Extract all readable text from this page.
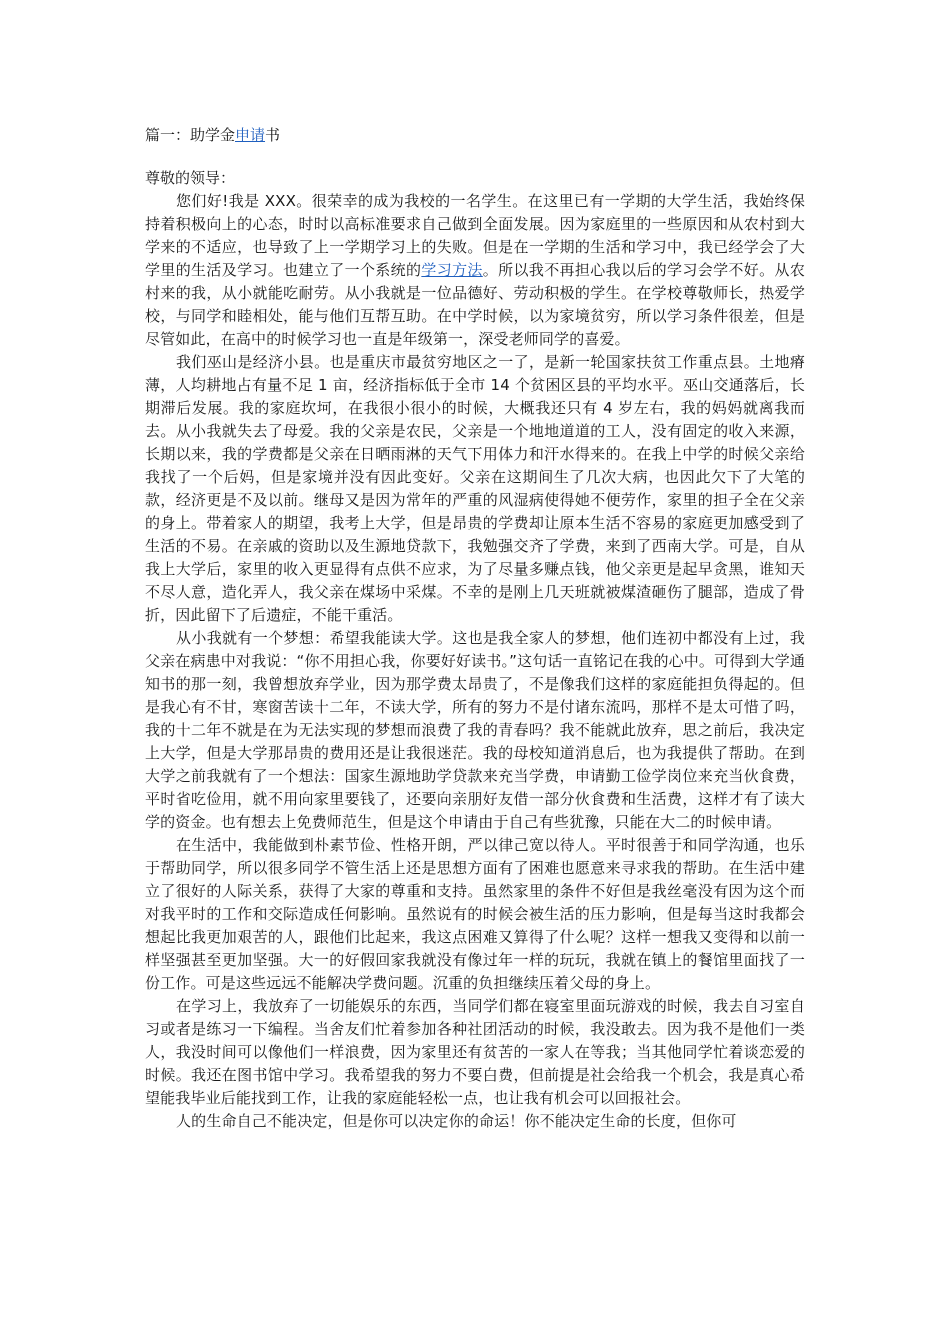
篇一：助学金申请书

尊敬的领导：

您们好!我是 XXX。很荣幸的成为我校的一名学生。在这里已有一学期的大学生活，我始终保持着积极向上的心态，时时以高标准要求自己做到全面发展。因为家庭里的一些原因和从农村到大学来的不适应，也导致了上一学期学习上的失败。但是在一学期的生活和学习中，我已经学会了大学里的生活及学习。也建立了一个系统的学习方法。所以我不再担心我以后的学习会学不好。从农村来的我，从小就能吃耐劳。从小我就是一位品德好、劳动积极的学生。在学校尊敬师长，热爱学校，与同学和睦相处，能与他们互帮互助。在中学时候，以为家境贫穷，所以学习条件很差，但是尽管如此，在高中的时候学习也一直是年级第一，深受老师同学的喜爱。

我们巫山是经济小县。也是重庆市最贫穷地区之一了，是新一轮国家扶贫工作重点县。土地瘠薄，人均耕地占有量不足 1 亩，经济指标低于全市 14 个贫困区县的平均水平。巫山交通落后，长期滞后发展。我的家庭坎坷，在我很小很小的时候，大概我还只有 4 岁左右，我的妈妈就离我而去。从小我就失去了母爱。我的父亲是农民，父亲是一个地地道道的工人，没有固定的收入来源，长期以来，我的学费都是父亲在日晒雨淋的天气下用体力和汗水得来的。在我上中学的时候父亲给我找了一个后妈，但是家境并没有因此变好。父亲在这期间生了几次大病，也因此欠下了大笔的款，经济更是不及以前。继母又是因为常年的严重的风湿病使得她不便劳作，家里的担子全在父亲的身上。带着家人的期望，我考上大学，但是昂贵的学费却让原本生活不容易的家庭更加感受到了生活的不易。在亲戚的资助以及生源地贷款下，我勉强交齐了学费，来到了西南大学。可是，自从我上大学后，家里的收入更显得有点供不应求，为了尽量多赚点钱，他父亲更是起早贪黑，谁知天不尽人意，造化弄人，我父亲在煤场中采煤。不幸的是刚上几天班就被煤渣砸伤了腿部，造成了骨折，因此留下了后遗症，不能干重活。

从小我就有一个梦想：希望我能读大学。这也是我全家人的梦想，他们连初中都没有上过，我父亲在病患中对我说：“你不用担心我，你要好好读书。”这句话一直铭记在我的心中。可得到大学通知书的那一刻，我曾想放弃学业，因为那学费太昂贵了，不是像我们这样的家庭能担负得起的。但是我心有不甘，寒窗苦读十二年，不读大学，所有的努力不是付诸东流吗，那样不是太可惜了吗，我的十二年不就是在为无法实现的梦想而浪费了我的青春吗？我不能就此放弃，思之前后，我决定上大学，但是大学那昂贵的费用还是让我很迷茫。我的母校知道消息后，也为我提供了帮助。在到大学之前我就有了一个想法：国家生源地助学贷款来充当学费，申请勤工俭学岗位来充当伙食费，平时省吃俭用，就不用向家里要钱了，还要向亲朋好友借一部分伙食费和生活费，这样才有了读大学的资金。也有想去上免费师范生，但是这个申请由于自己有些犹豫，只能在大二的时候申请。

在生活中，我能做到朴素节俭、性格开朗，严以律己宽以待人。平时很善于和同学沟通，也乐于帮助同学，所以很多同学不管生活上还是思想方面有了困难也愿意来寻求我的帮助。在生活中建立了很好的人际关系，获得了大家的尊重和支持。虽然家里的条件不好但是我丝毫没有因为这个而对我平时的工作和交际造成任何影响。虽然说有的时候会被生活的压力影响，但是每当这时我都会想起比我更加艰苦的人，跟他们比起来，我这点困难又算得了什么呢？这样一想我又变得和以前一样坚强甚至更加坚强。大一的好假回家我就没有像过年一样的玩玩，我就在镇上的餐馆里面找了一份工作。可是这些远远不能解决学费问题。沉重的负担继续压着父母的身上。

在学习上，我放弃了一切能娱乐的东西，当同学们都在寝室里面玩游戏的时候，我去自习室自习或者是练习一下编程。当舍友们忙着参加各种社团活动的时候，我没敢去。因为我不是他们一类人，我没时间可以像他们一样浪费，因为家里还有贫苦的一家人在等我；当其他同学忙着谈恋爱的时候。我还在图书馆中学习。我希望我的努力不要白费，但前提是社会给我一个机会，我是真心希望能我毕业后能找到工作，让我的家庭能轻松一点，也让我有机会可以回报社会。

人的生命自己不能决定，但是你可以决定你的命运！你不能决定生命的长度，但你可
